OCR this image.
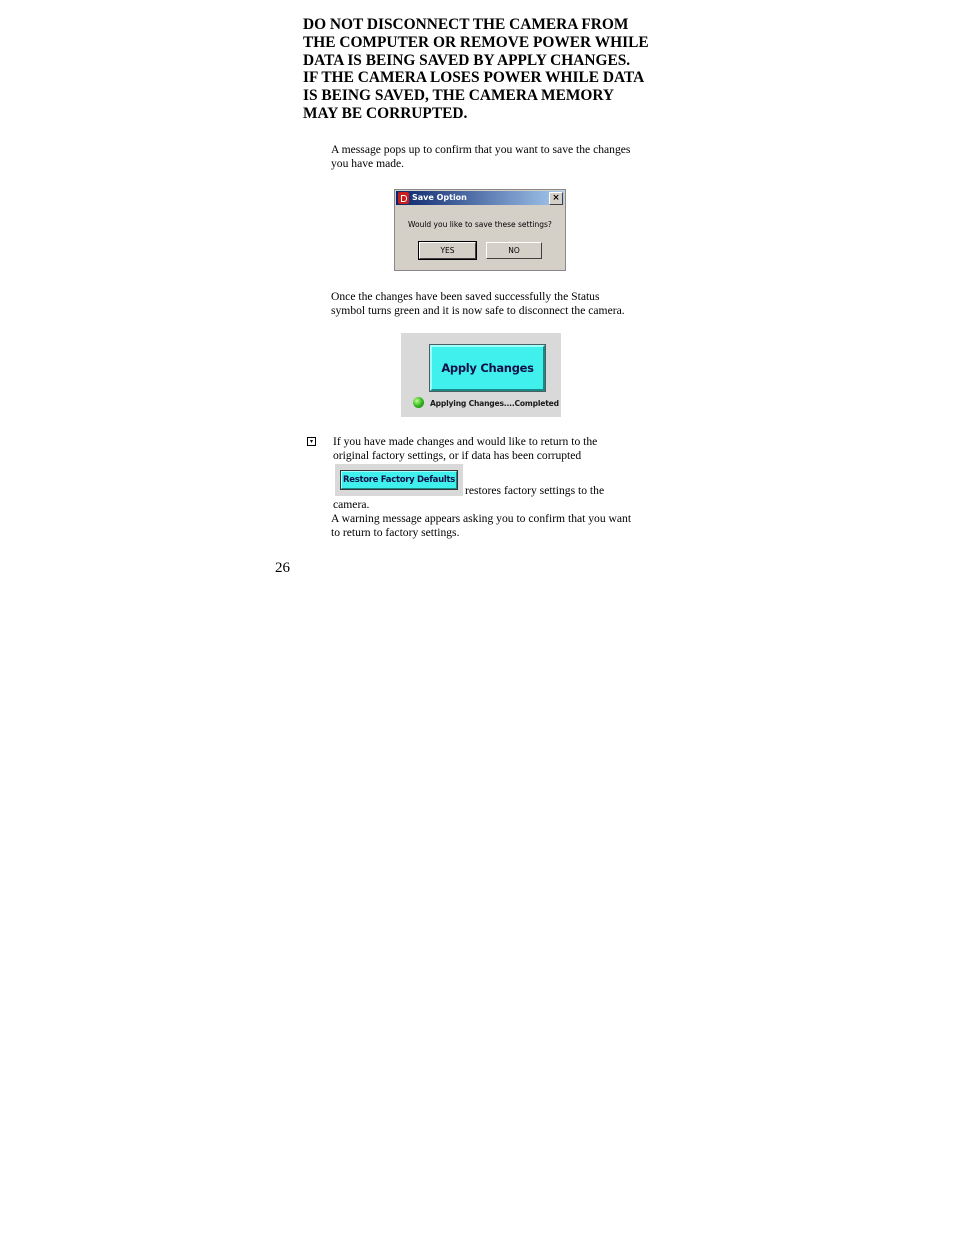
DO NOT DISCONNECT THE CAMERA FROM
THE COMPUTER OR REMOVE POWER WHILE
DATA IS BEING SAVED BY APPLY CHANGES.
IF THE CAMERA LOSES POWER WHILE DATA
IS BEING SAVED, THE CAMERA MEMORY
MAY BE CORRUPTED.
A message pops up to confirm that you want to save the changes
you have made.
Save Option	×
Would you like to save these settings?
YES	NO
Once the changes have been saved successfully the Status
symbol turns green and it is now safe to disconnect the camera.
Apply Changes
Applying Changes....Completed
▾ If you have made changes and would like to return to the
original factory settings, or if data has been corrupted
Restore Factory Defaults
restores factory settings to the
camera.
A warning message appears asking you to confirm that you want
to return to factory settings.
26
